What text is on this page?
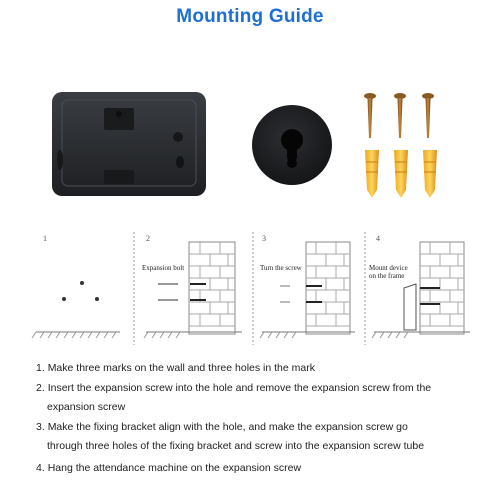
Mounting Guide
1	2	3	4
Expansion bolt	Turn the screw	Mount device on the frame
1. Make three marks on the wall and three holes in the mark
2. Insert the expansion screw into the hole and remove the expansion screw from the
expansion screw
3. Make the fixing bracket align with the hole, and make the expansion screw go
through three holes of the fixing bracket and screw into the expansion screw tube
4. Hang the attendance machine on the expansion screw
